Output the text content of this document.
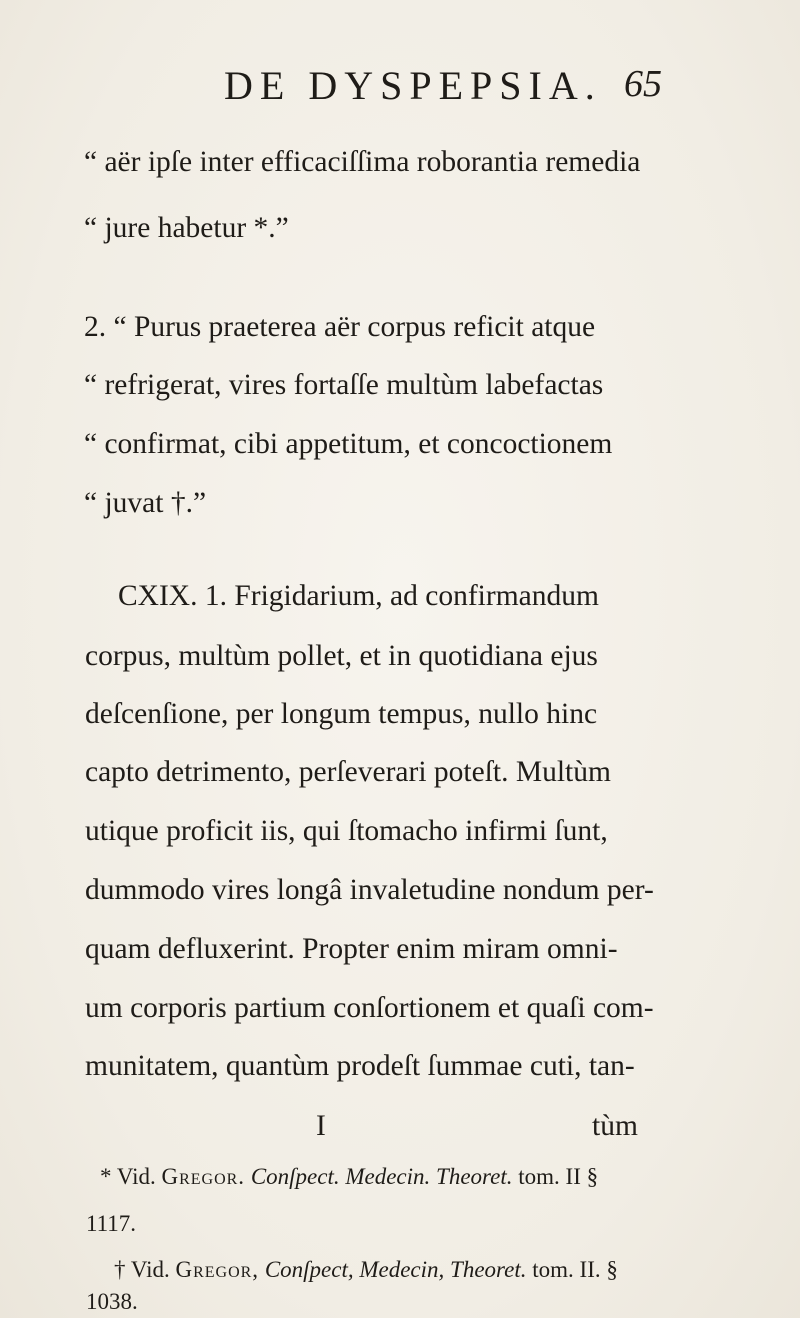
DE DYSPEPSIA. 65
“ aër ipſe inter efficaciſſima roborantia remedia
“ jure habetur *.”
2. “ Purus praeterea aër corpus reficit atque
“ refrigerat, vires fortaſſe multùm labefactas
“ confirmat, cibi appetitum, et concoctionem
“ juvat †.”
CXIX. 1. Frigidarium, ad confirmandum
corpus, multùm pollet, et in quotidiana ejus
deſcenſione, per longum tempus, nullo hinc
capto detrimento, perſeverari poteſt. Multùm
utique proficit iis, qui ſtomacho infirmi ſunt,
dummodo vires longâ invaletudine nondum per-
quam defluxerint. Propter enim miram omni-
um corporis partium conſortionem et quaſi com-
munitatem, quantùm prodeſt ſummae cuti, tan-
I	tùm
* Vid. Gregor. Conſpect. Medecin. Theoret. tom. II §
1117.
† Vid. Gregor, Conſpect, Medecin, Theoret. tom. II. §
1038.
